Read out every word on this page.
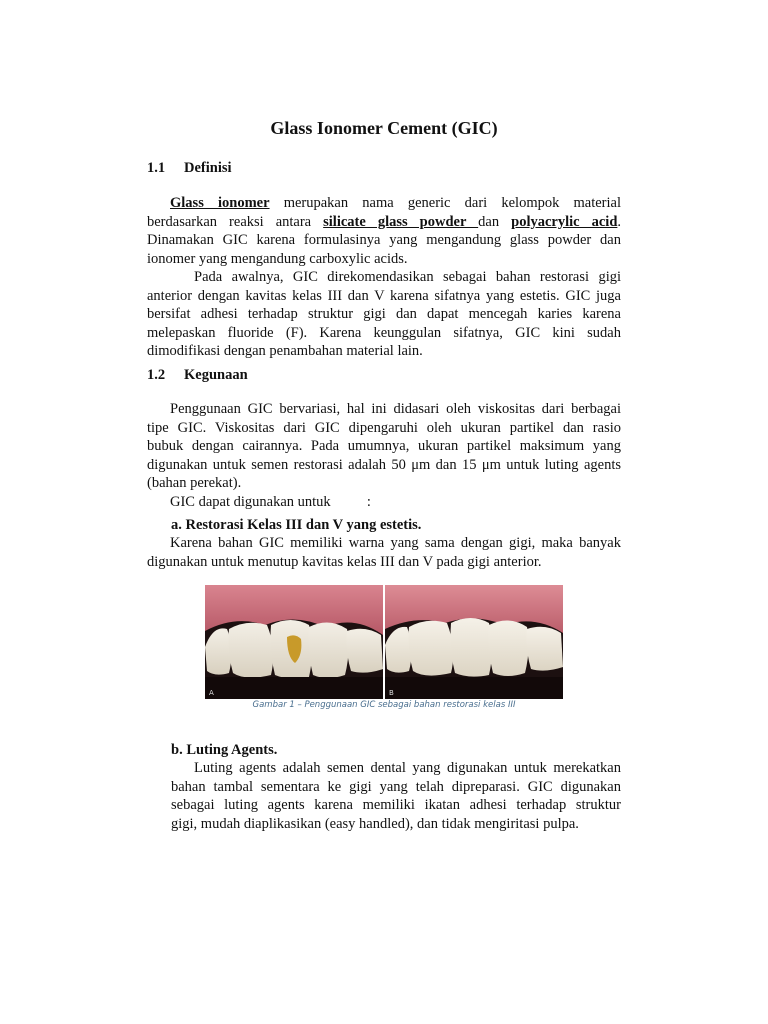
Glass Ionomer Cement (GIC)
1.1 Definisi
Glass ionomer merupakan nama generic dari kelompok material
berdasarkan reaksi antara silicate glass powder dan polyacrylic acid.
Dinamakan GIC karena formulasinya yang mengandung glass powder dan
ionomer yang mengandung carboxylic acids.
Pada awalnya, GIC direkomendasikan sebagai bahan restorasi gigi
anterior dengan kavitas kelas III dan V karena sifatnya yang estetis. GIC juga
bersifat adhesi terhadap struktur gigi dan dapat mencegah karies karena
melepaskan fluoride (F). Karena keunggulan sifatnya, GIC kini sudah
dimodifikasi dengan penambahan material lain.
1.2 Kegunaan
Penggunaan GIC bervariasi, hal ini didasari oleh viskositas dari berbagai
tipe GIC. Viskositas dari GIC dipengaruhi oleh ukuran partikel dan rasio
bubuk dengan cairannya. Pada umumnya, ukuran partikel maksimum yang
digunakan untuk semen restorasi adalah 50 μm dan 15 μm untuk luting agents
(bahan perekat).
GIC dapat digunakan untuk          :
a. Restorasi Kelas III dan V yang estetis.
Karena bahan GIC memiliki warna yang sama dengan gigi, maka banyak
digunakan untuk menutup kavitas kelas III dan V pada gigi anterior.
A	B
Gambar 1 – Penggunaan GIC sebagai bahan restorasi kelas III
b. Luting Agents.
Luting agents adalah semen dental yang digunakan untuk merekatkan
bahan tambal sementara ke gigi yang telah dipreparasi. GIC digunakan
sebagai luting agents karena memiliki ikatan adhesi terhadap struktur
gigi, mudah diaplikasikan (easy handled), dan tidak mengiritasi pulpa.
